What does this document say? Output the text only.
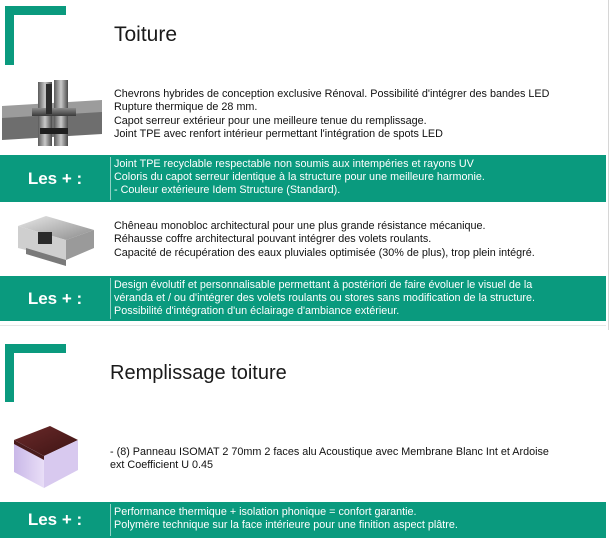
Toiture
Chevrons hybrides de conception exclusive Rénoval. Possibilité d'intégrer des bandes LED
Rupture thermique de 28 mm.
Capot serreur extérieur pour une meilleure tenue du remplissage.
Joint TPE avec renfort intérieur permettant l'intégration de spots LED
Les + :
Joint TPE recyclable respectable non soumis aux intempéries et rayons UV
Coloris du capot serreur identique à la structure pour une meilleure harmonie.
- Couleur extérieure Idem Structure (Standard).
Chêneau monobloc architectural pour une plus grande résistance mécanique.
Réhausse coffre architectural pouvant intégrer des volets roulants.
Capacité de récupération des eaux pluviales optimisée (30% de plus), trop plein intégré.
Les + :
Design évolutif et personnalisable permettant à postériori de faire évoluer le visuel de la
véranda et / ou d'intégrer des volets roulants ou stores sans modification de la structure.
Possibilité d'intégration d'un éclairage d'ambiance extérieur.
Remplissage toiture
- (8) Panneau ISOMAT 2 70mm 2 faces alu Acoustique avec Membrane Blanc Int et Ardoise
ext Coefficient U 0.45
Les + :	Performance thermique + isolation phonique = confort garantie.
Polymère technique sur la face intérieure pour une finition aspect plâtre.
